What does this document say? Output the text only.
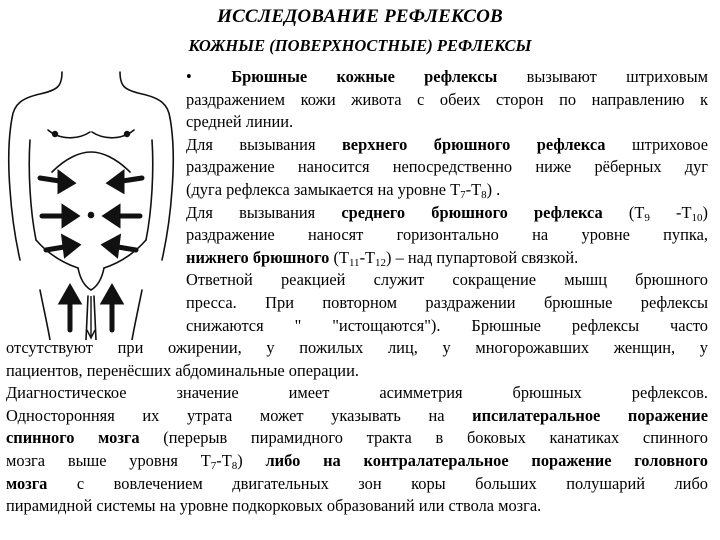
ИССЛЕДОВАНИЕ РЕФЛЕКСОВ
КОЖНЫЕ (ПОВЕРХНОСТНЫЕ) РЕФЛЕКСЫ
• Брюшные кожные рефлексы вызывают штриховым
раздражением кожи живота с обеих сторон по направлению к
средней линии.
Для вызывания верхнего брюшного рефлекса штриховое
раздражение наносится непосредственно ниже рёберных дуг
(дуга рефлекса замыкается на уровне $Т_7-Т_8$) .
Для вызывания среднего брюшного рефлекса ($Т_9$ $-Т_{10}$)
раздражение наносят горизонтально на уровне пупка,
нижнего брюшного $(Т_{11}-Т_{12})$ – над пупартовой связкой.
Ответной реакцией служит сокращение мышц брюшного
пресса. При повторном раздражении брюшные рефлексы
снижаются " "истощаются"). Брюшные рефлексы часто
отсутствуют при ожирении, у пожилых лиц, у многорожавших женщин, у
пациентов, перенёсших абдоминальные операции.
Диагностическое значение имеет асимметрия брюшных рефлексов.
Односторонняя их утрата может указывать на ипсилатеральное поражение
спинного мозга (перерыв пирамидного тракта в боковых канатиках спинного
мозга выше уровня $Т_7-Т_8$) либо на контралатеральное поражение головного
мозга с вовлечением двигательных зон коры больших полушарий либо
пирамидной системы на уровне подкорковых образований или ствола мозга.
